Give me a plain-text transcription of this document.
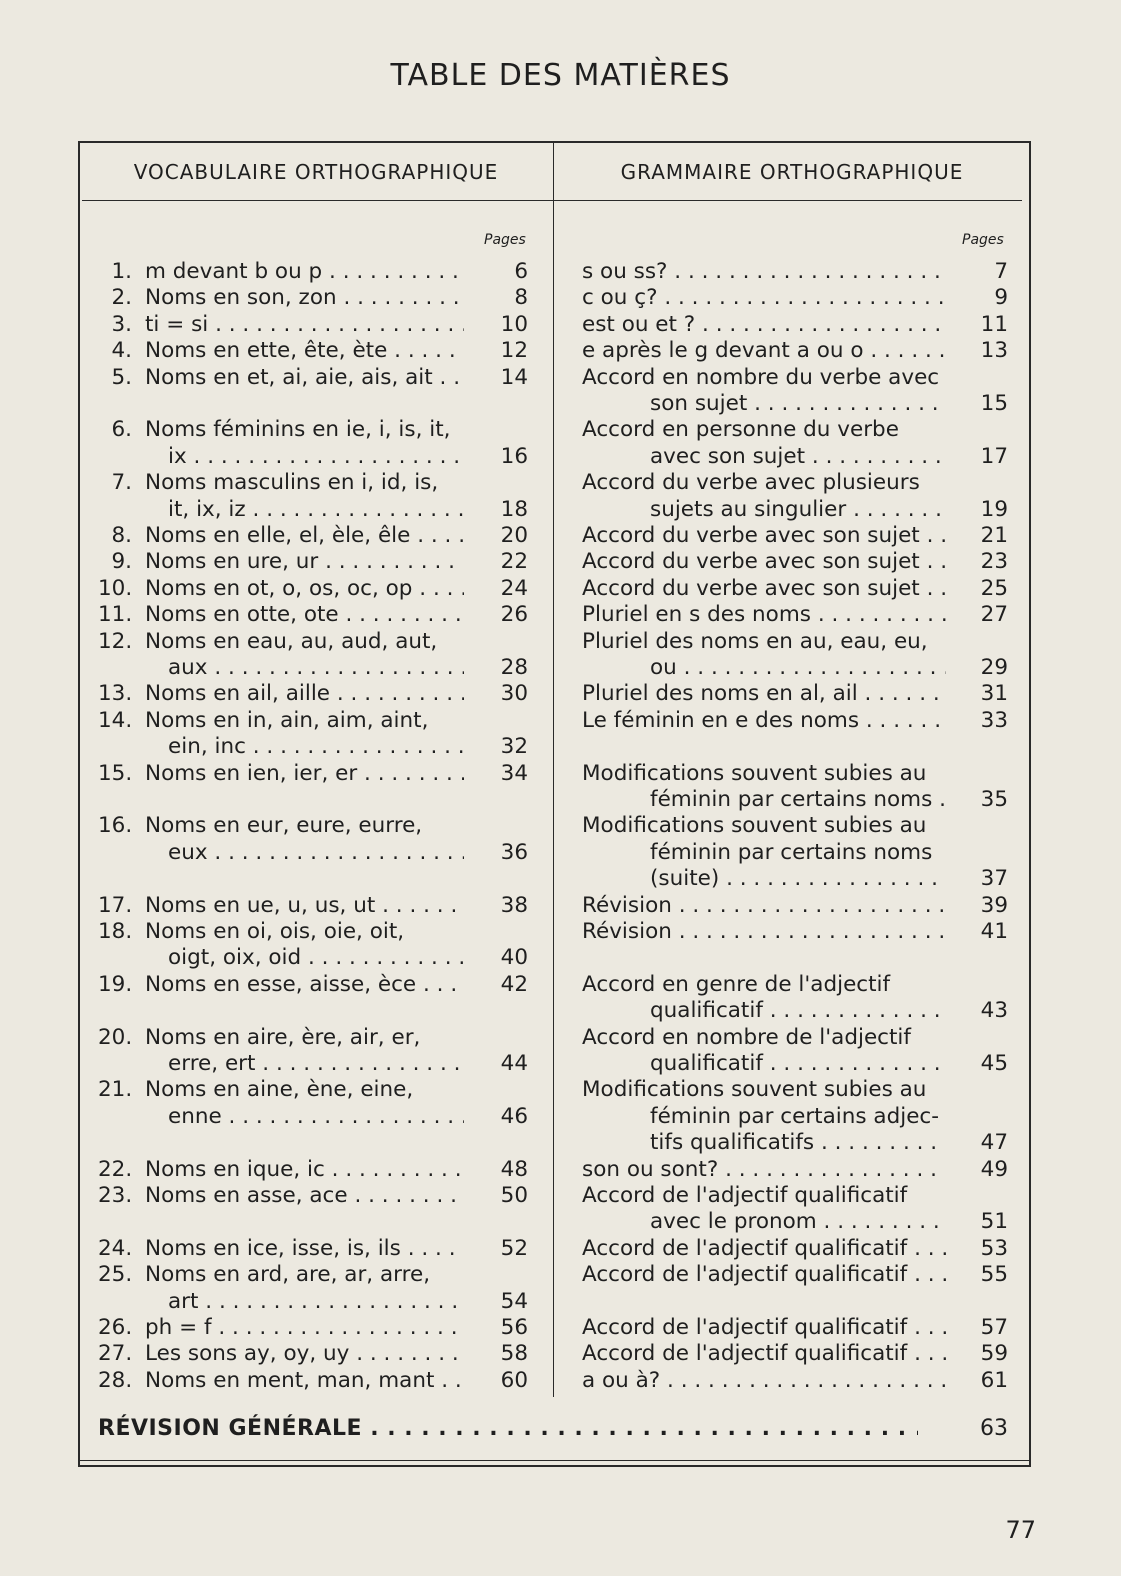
TABLE DES MATIÈRES
VOCABULAIRE ORTHOGRAPHIQUE	GRAMMAIRE ORTHOGRAPHIQUE
Pages	Pages
1. m devant b ou p . . .	6
2. Noms en son, zon . . .	8
3. ti = si . . .	10
4. Noms en ette, ête, ète . . .	12
5. Noms en et, ai, aie, ais, ait . . .	14
6. Noms féminins en ie, i, is, it,
ix . . .	16
7. Noms masculins en i, id, is,
it, ix, iz . . .	18
8. Noms en elle, el, èle, êle . . .	20
9. Noms en ure, ur . . .	22
10. Noms en ot, o, os, oc, op . . .	24
11. Noms en otte, ote . . .	26
12. Noms en eau, au, aud, aut,
aux . . .	28
13. Noms en ail, aille . . .	30
14. Noms en in, ain, aim, aint,
ein, inc . . .	32
15. Noms en ien, ier, er . . .	34
16. Noms en eur, eure, eurre,
eux . . .	36
17. Noms en ue, u, us, ut . . .	38
18. Noms en oi, ois, oie, oit,
oigt, oix, oid . . .	40
19. Noms en esse, aisse, èce . . .	42
20. Noms en aire, ère, air, er,
erre, ert . . .	44
21. Noms en aine, ène, eine,
enne . . .	46
22. Noms en ique, ic . . .	48
23. Noms en asse, ace . . .	50
24. Noms en ice, isse, is, ils . . .	52
25. Noms en ard, are, ar, arre,
art . . .	54
26. ph = f . . .	56
27. Les sons ay, oy, uy . . .	58
28. Noms en ment, man, mant . . .	60
s ou ss? . . .	7
c ou ç? . . .	9
est ou et ? . . .	11
e après le g devant a ou o . . .	13
Accord en nombre du verbe avec
son sujet . . .	15
Accord en personne du verbe
avec son sujet . . .	17
Accord du verbe avec plusieurs
sujets au singulier . . .	19
Accord du verbe avec son sujet . . .	21
Accord du verbe avec son sujet . . .	23
Accord du verbe avec son sujet . . .	25
Pluriel en s des noms . . .	27
Pluriel des noms en au, eau, eu,
ou . . .	29
Pluriel des noms en al, ail . . .	31
Le féminin en e des noms . . .	33
Modifications souvent subies au
féminin par certains noms . . .	35
Modifications souvent subies au
féminin par certains noms
(suite) . . .	37
Révision . . .	39
Révision . . .	41
Accord en genre de l'adjectif
qualificatif . . .	43
Accord en nombre de l'adjectif
qualificatif . . .	45
Modifications souvent subies au
féminin par certains adjec-
tifs qualificatifs . . .	47
son ou sont? . . .	49
Accord de l'adjectif qualificatif
avec le pronom . . .	51
Accord de l'adjectif qualificatif . . .	53
Accord de l'adjectif qualificatif . . .	55
Accord de l'adjectif qualificatif . . .	57
Accord de l'adjectif qualificatif . . .	59
a ou à? . . .	61
RÉVISION GÉNÉRALE . . .	63
77
